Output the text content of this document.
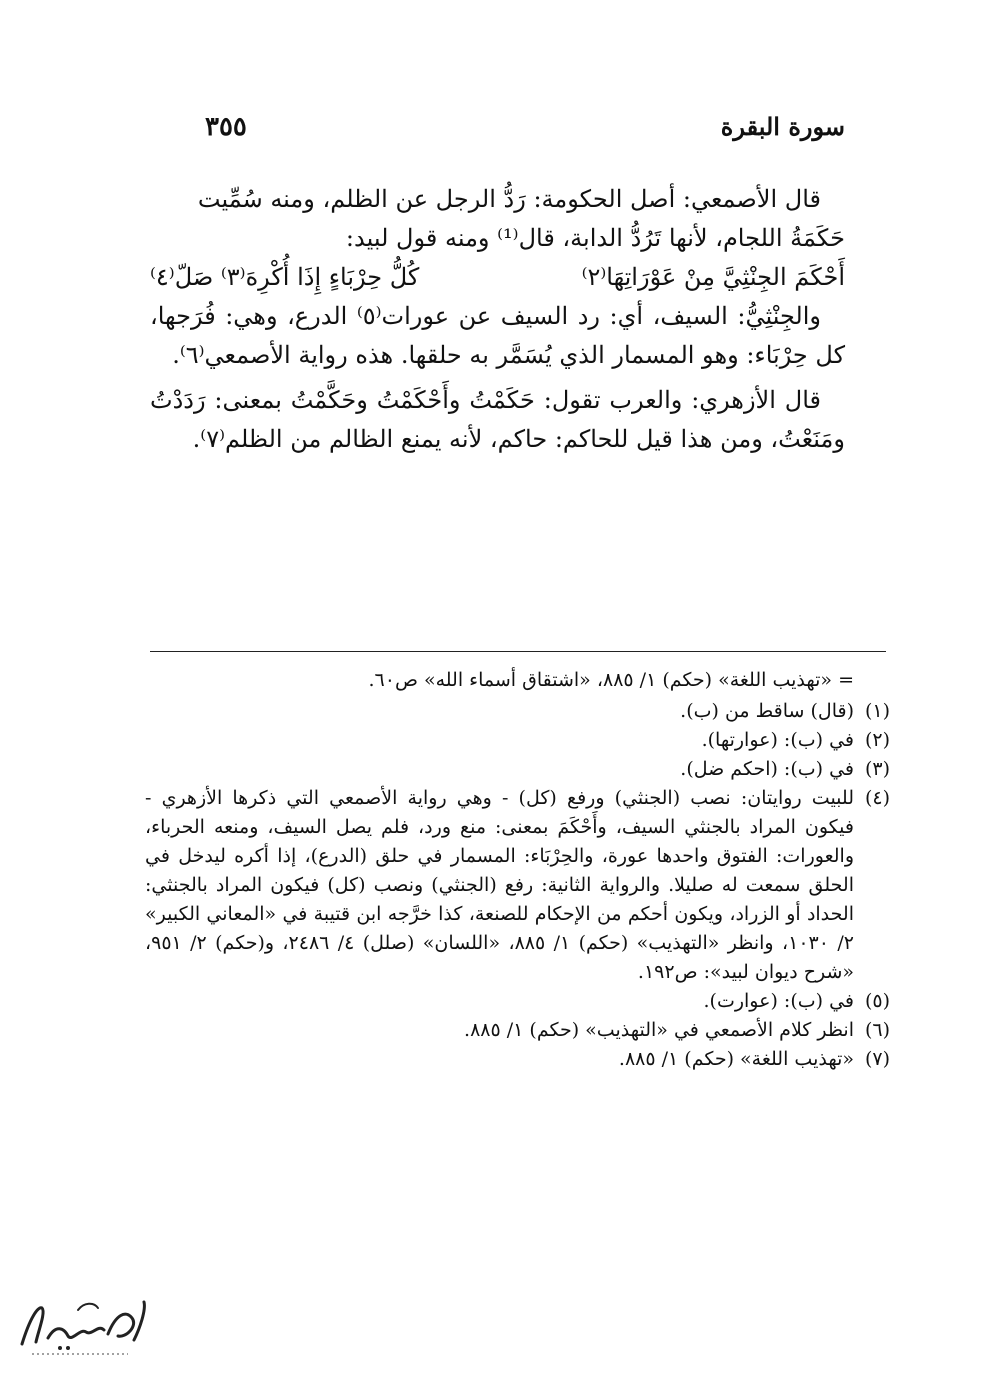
سورة البقرة
٣٥٥

قال الأصمعي: أصل الحكومة: رَدُّ الرجل عن الظلم، ومنه سُمِّيت

حَكَمَةُ اللجام، لأنها تَرُدُّ الدابة، قال⁽¹⁾ ومنه قول لبيد:

أَحْكَمَ الجِنْثِيَّ مِنْ عَوْرَاتِهَا⁽٢⁾
كُلُّ حِرْبَاءٍ إِذَا أُكْرِهَ⁽٣⁾ صَلّ⁽٤⁾

والجِنْثِيُّ: السيف، أي: رد السيف عن عورات⁽٥⁾ الدرع، وهي: فُرَجها، كل حِرْبَاء: وهو المسمار الذي يُسَمَّر به حلقها. هذه رواية الأصمعي⁽٦⁾.

قال الأزهري: والعرب تقول: حَكَمْتُ وأَحْكَمْتُ وحَكَّمْتُ بمعنى: رَدَدْتُ ومَنَعْتُ، ومن هذا قيل للحاكم: حاكم، لأنه يمنع الظالم من الظلم⁽٧⁾.

= «تهذيب اللغة» (حكم) ١/ ٨٨٥، «اشتقاق أسماء الله» ص٦٠.

(١)
(قال) ساقط من (ب).
(٢)
في (ب): (عوارتها).
(٣)
في (ب): (احكم ضل).
(٤)
للبيت روايتان: نصب (الجنثي) ورفع (كل) - وهي رواية الأصمعي التي ذكرها الأزهري - فيكون المراد بالجنثي السيف، وأَحْكَمَ بمعنى: منع ورد، فلم يصل السيف، ومنعه الحرباء، والعورات: الفتوق واحدها عورة، والحِرْبَاء: المسمار في حلق (الدرع)، إذا أكره ليدخل في الحلق سمعت له صليلا. والرواية الثانية: رفع (الجنثي) ونصب (كل) فيكون المراد بالجنثي: الحداد أو الزراد، ويكون أحكم من الإحكام للصنعة، كذا خرَّجه ابن قتيبة في «المعاني الكبير» ٢/ ١٠٣٠، وانظر «التهذيب» (حكم) ١/ ٨٨٥، «اللسان» (صلل) ٤/ ٢٤٨٦، و(حكم) ٢/ ٩٥١، «شرح ديوان لبيد»: ص١٩٢.
(٥)
في (ب): (عوارت).
(٦)
انظر كلام الأصمعي في «التهذيب» (حكم) ١/ ٨٨٥.
(٧)
«تهذيب اللغة» (حكم) ١/ ٨٨٥.
